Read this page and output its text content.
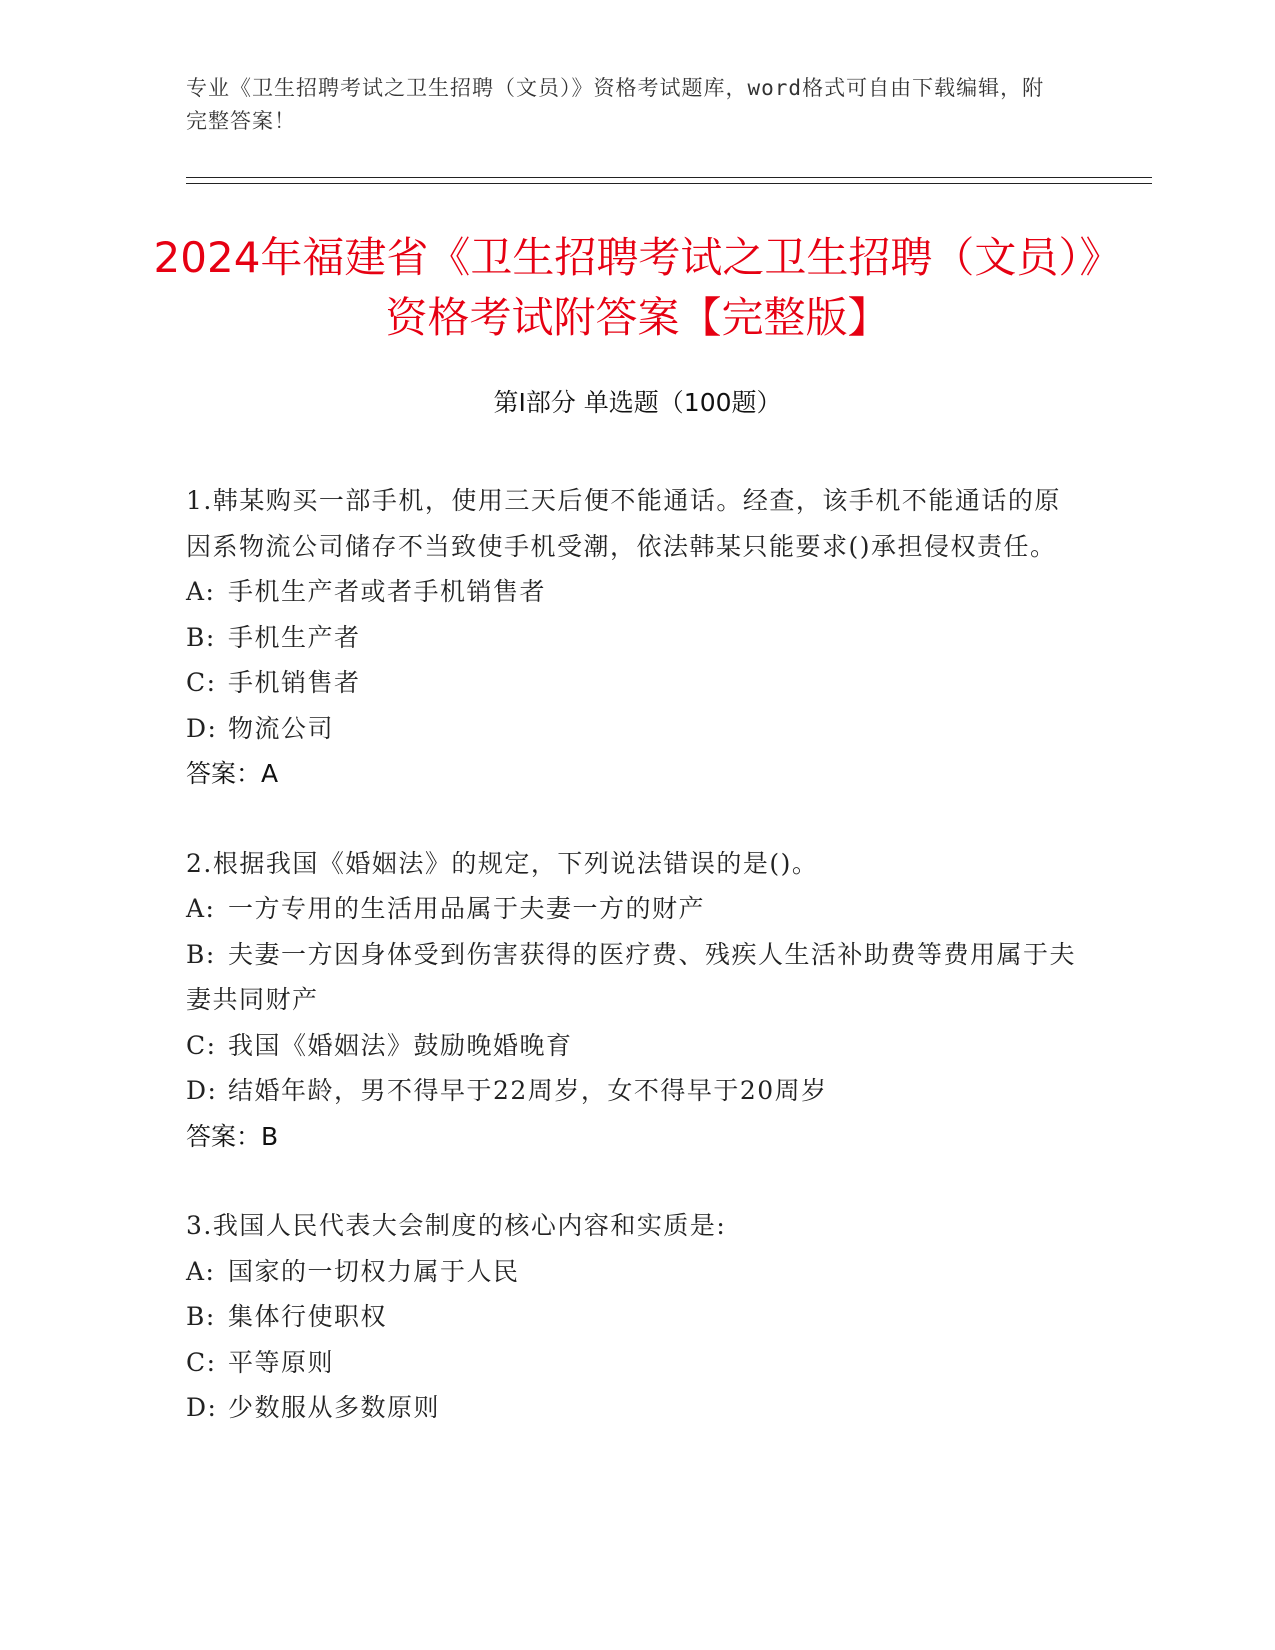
专业《卫生招聘考试之卫生招聘（文员）》资格考试题库，word格式可自由下载编辑，附完整答案！
2024年福建省《卫生招聘考试之卫生招聘（文员）》资格考试附答案【完整版】
第I部分 单选题（100题）

1.韩某购买一部手机，使用三天后便不能通话。经查，该手机不能通话的原因系物流公司储存不当致使手机受潮，依法韩某只能要求()承担侵权责任。

A: 手机生产者或者手机销售者

B: 手机生产者

C: 手机销售者

D: 物流公司

答案：A

2.根据我国《婚姻法》的规定，下列说法错误的是()。

A: 一方专用的生活用品属于夫妻一方的财产

B: 夫妻一方因身体受到伤害获得的医疗费、残疾人生活补助费等费用属于夫妻共同财产

C: 我国《婚姻法》鼓励晚婚晚育

D: 结婚年龄，男不得早于22周岁，女不得早于20周岁

答案：B

3.我国人民代表大会制度的核心内容和实质是:

A: 国家的一切权力属于人民

B: 集体行使职权

C: 平等原则

D: 少数服从多数原则
